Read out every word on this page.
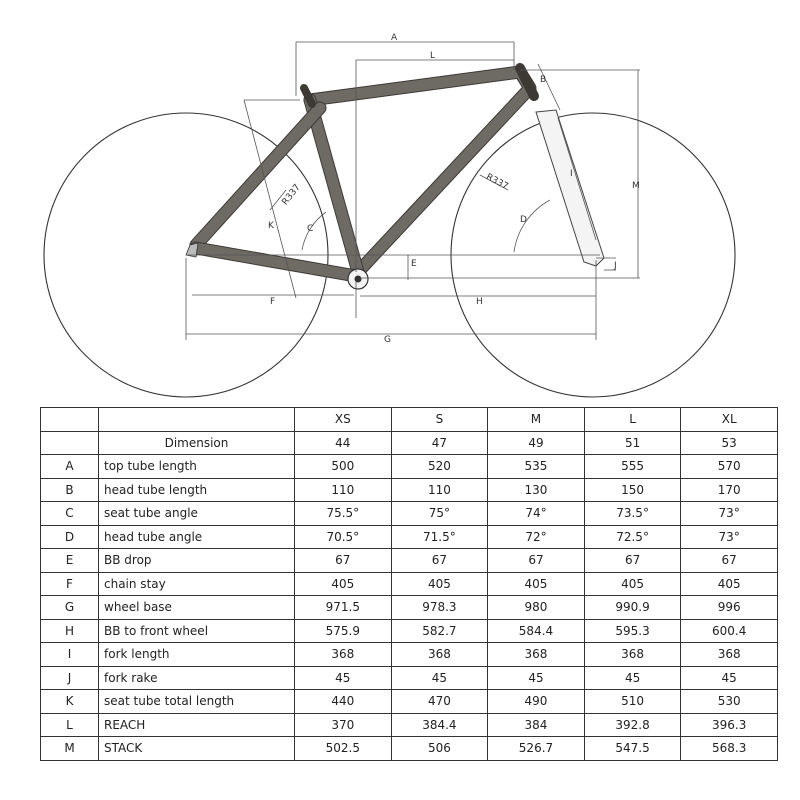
A
L
B
M
I
J
E
D
C
K
F	H
G
R337
R337
		XS	S	M	L	XL
	Dimension	44	47	49	51	53
A	top tube length	500	520	535	555	570
B	head tube length	110	110	130	150	170
C	seat tube angle	75.5°	75°	74°	73.5°	73°
D	head tube angle	70.5°	71.5°	72°	72.5°	73°
E	BB drop	67	67	67	67	67
F	chain stay	405	405	405	405	405
G	wheel base	971.5	978.3	980	990.9	996
H	BB to front wheel	575.9	582.7	584.4	595.3	600.4
I	fork length	368	368	368	368	368
J	fork rake	45	45	45	45	45
K	seat tube total length	440	470	490	510	530
L	REACH	370	384.4	384	392.8	396.3
M	STACK	502.5	506	526.7	547.5	568.3
